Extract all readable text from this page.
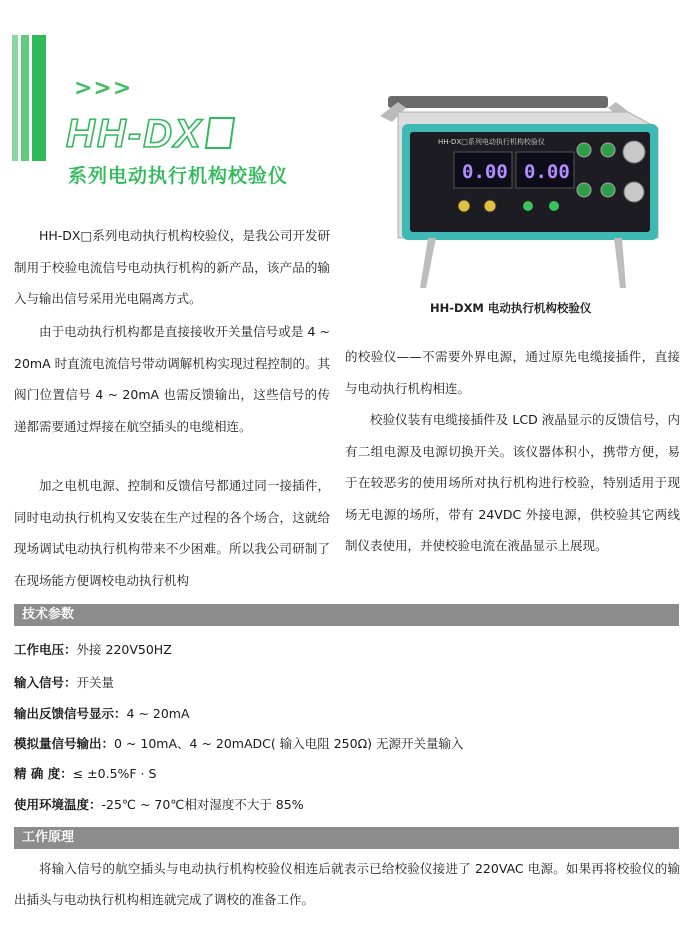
>>>
HH-DX
系列电动执行机构校验仪
HH-DX□系列电动执行机构校验仪
0.00 0.00
HH-DXM 电动执行机构校验仪

HH-DX□系列电动执行机构校验仪，是我公司开发研制用于校验电流信号电动执行机构的新产品，该产品的输入与输出信号采用光电隔离方式。

由于电动执行机构都是直接接收开关量信号或是 4 ~ 20mA 时直流电流信号带动调解机构实现过程控制的。其阀门位置信号 4 ~ 20mA 也需反馈输出，这些信号的传递都需要通过焊接在航空插头的电缆相连。

加之电机电源、控制和反馈信号都通过同一接插件，同时电动执行机构又安装在生产过程的各个场合，这就给现场调试电动执行机构带来不少困难。所以我公司研制了在现场能方便调校电动执行机构

的校验仪——不需要外界电源，通过原先电缆接插件，直接与电动执行机构相连。

校验仪装有电缆接插件及 LCD 液晶显示的反馈信号，内有二组电源及电源切换开关。该仪器体积小，携带方便，易于在较恶劣的使用场所对执行机构进行校验，特别适用于现场无电源的场所，带有 24VDC 外接电源，供校验其它两线制仪表使用，并使校验电流在液晶显示上展现。

技术参数
工作电压：外接 220V50HZ
输入信号：开关量
输出反馈信号显示：4 ~ 20mA
模拟量信号输出：0 ~ 10mA、4 ~ 20mADC( 输入电阻 250Ω) 无源开关量输入
精 确 度：≤ ±0.5%F · S
使用环境温度：-25℃ ~ 70℃相对湿度不大于 85%
工作原理

将输入信号的航空插头与电动执行机构校验仪相连后就表示已给校验仪接进了 220VAC 电源。如果再将校验仪的输出插头与电动执行机构相连就完成了调校的准备工作。
